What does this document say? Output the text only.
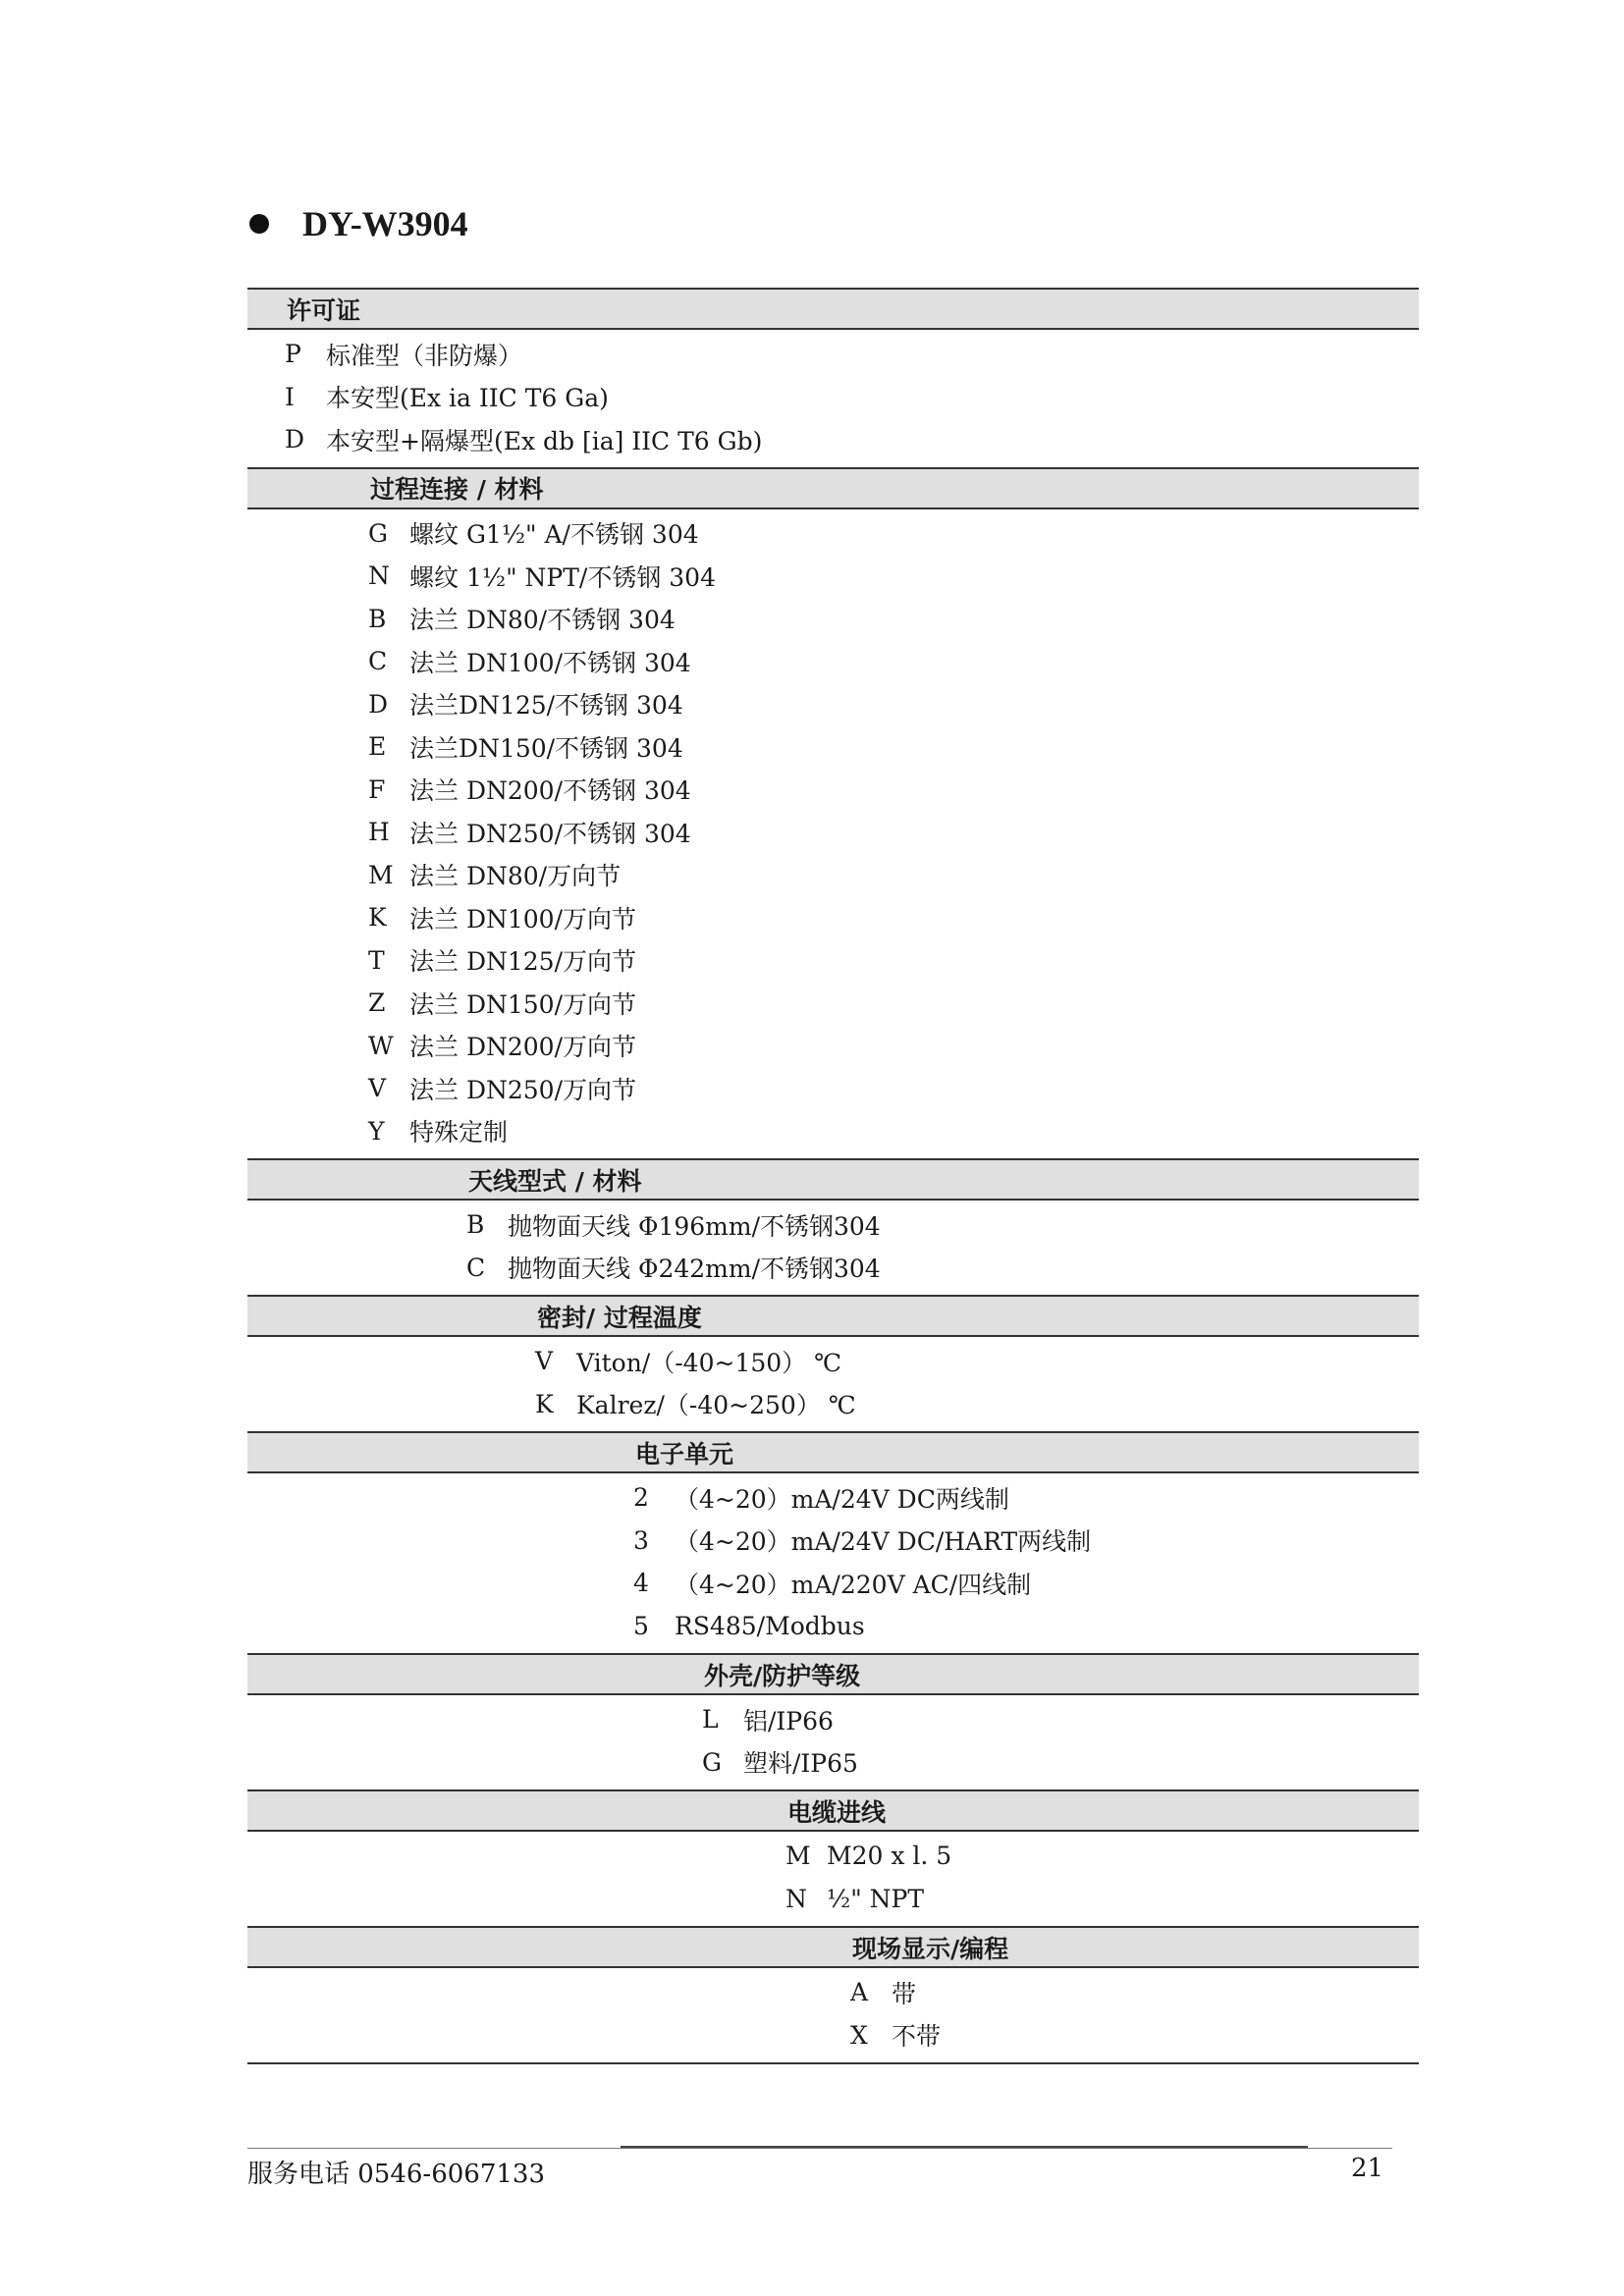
DY-W3904
许可证
P	标准型（非防爆）
I	本安型(Ex ia IIC T6 Ga)
D 本安型+隔爆型(Ex db [ia] IIC T6 Gb)
过程连接 / 材料
G 螺纹 G1½" A/不锈钢 304
N 螺纹 1½" NPT/不锈钢 304
B 法兰 DN80/不锈钢 304
C 法兰 DN100/不锈钢 304
D 法兰DN125/不锈钢 304
E 法兰DN150/不锈钢 304
F 法兰 DN200/不锈钢 304
H 法兰 DN250/不锈钢 304
M 法兰 DN80/万向节
K 法兰 DN100/万向节
T	法兰 DN125/万向节
Z 法兰 DN150/万向节
W 法兰 DN200/万向节
V 法兰 DN250/万向节
Y	特殊定制
天线型式 / 材料
B 抛物面天线 Φ196mm/不锈钢304
C 抛物面天线 Φ242mm/不锈钢304
密封/ 过程温度
V Viton/（-40~150） ℃
K Kalrez/（-40~250） ℃
电子单元
2	（4~20）mA/24V DC两线制
3	（4~20）mA/24V DC/HART两线制
4	（4~20）mA/220V AC/四线制
5	RS485/Modbus
外壳/防护等级
L	铝/IP66
G 塑料/IP65
电缆进线
M M20 x l. 5
N ½" NPT
现场显示/编程
A 带
X 不带
服务电话 0546-6067133	21
